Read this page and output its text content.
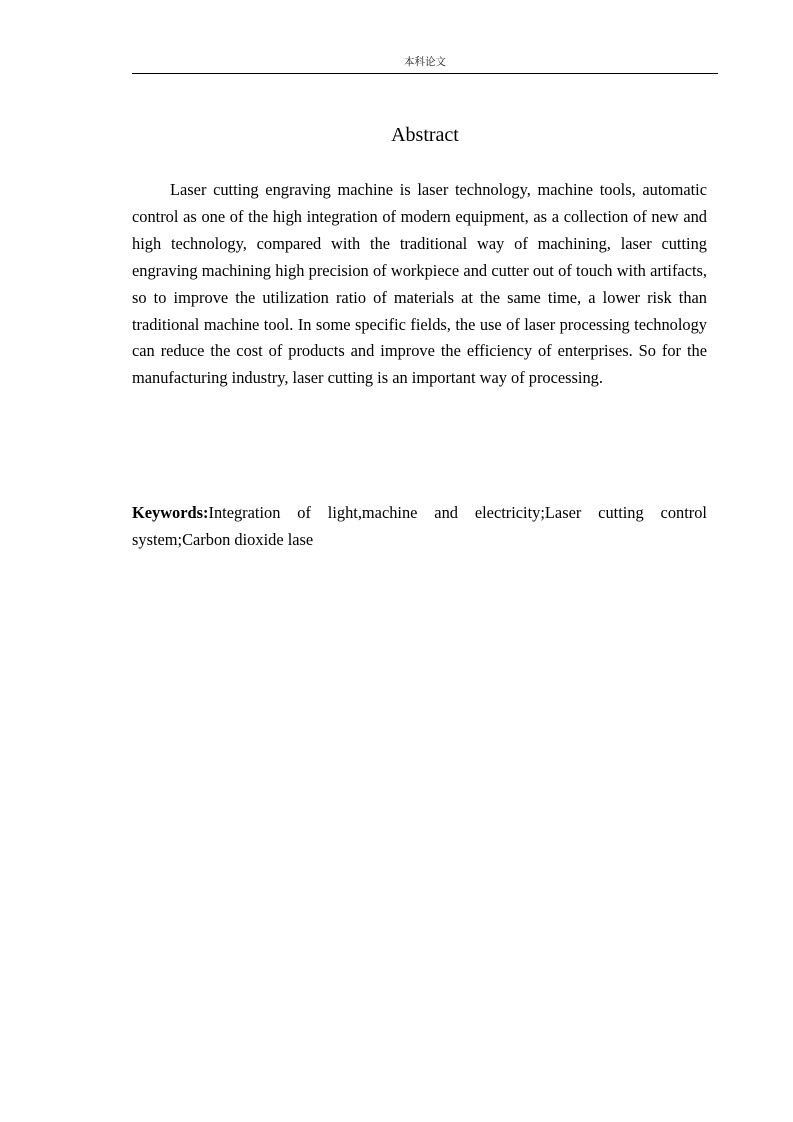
本科论文
Abstract

Laser cutting engraving machine is laser technology, machine tools, automatic control as one of the high integration of modern equipment, as a collection of new and high technology, compared with the traditional way of machining, laser cutting engraving machining high precision of workpiece and cutter out of touch with artifacts, so to improve the utilization ratio of materials at the same time, a lower risk than traditional machine tool. In some specific fields, the use of laser processing technology can reduce the cost of products and improve the efficiency of enterprises. So for the manufacturing industry, laser cutting is an important way of processing.

Keywords:Integration of light,machine and electricity;Laser cutting control system;Carbon dioxide lase
